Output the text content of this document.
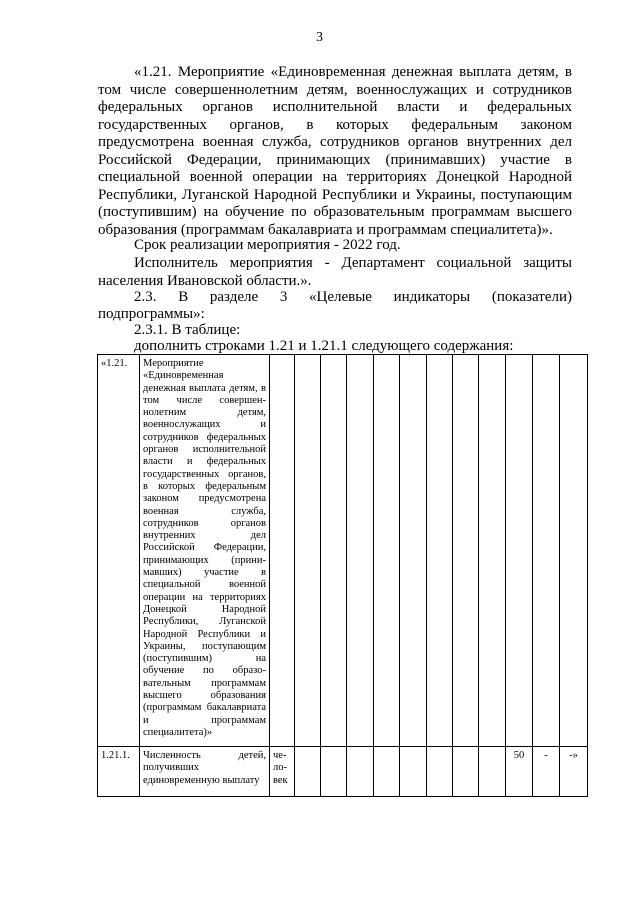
3
«1.21. Мероприятие «Единовременная денежная выплата детям, в том числе совершеннолетним детям, военнослужащих и сотрудников федеральных органов исполнительной власти и федеральных государственных органов, в которых федеральным законом предусмотрена военная служба, сотрудников органов внутренних дел Российской Федерации, принимающих (принимавших) участие в специальной военной операции на территориях Донецкой Народной Республики, Луганской Народной Республики и Украины, поступающим (поступившим) на обучение по образовательным программам высшего образования (программам бакалавриата и программам специалитета)».
Срок реализации мероприятия - 2022 год.
Исполнитель мероприятия - Департамент социальной защиты населения Ивановской области.».
2.3. В разделе 3 «Целевые индикаторы (показатели)
подпрограммы»:
2.3.1. В таблице:
дополнить строками 1.21 и 1.21.1 следующего содержания:
«1.21.	Мероприятие «Единовременная денежная выплата детям, в том числе совершен- нолетним детям, военнослужащих и сотрудников федеральных органов исполнительной власти и федеральных государственных органов, в которых федеральным законом предусмотрена военная служба, сотрудников органов внутренних дел Российской Федерации, принимающих (прини- мавших) участие в специальной военной операции на территориях Донецкой Народной Республики, Луганской Народной Республики и Украины, поступающим (поступившим) на обучение по образо- вательным программам высшего образования (программам бакалавриата и программам специалитета)»												
1.21.1.	Численность детей, получивших единовременную выплату	че- ло- век									50	-	-»
